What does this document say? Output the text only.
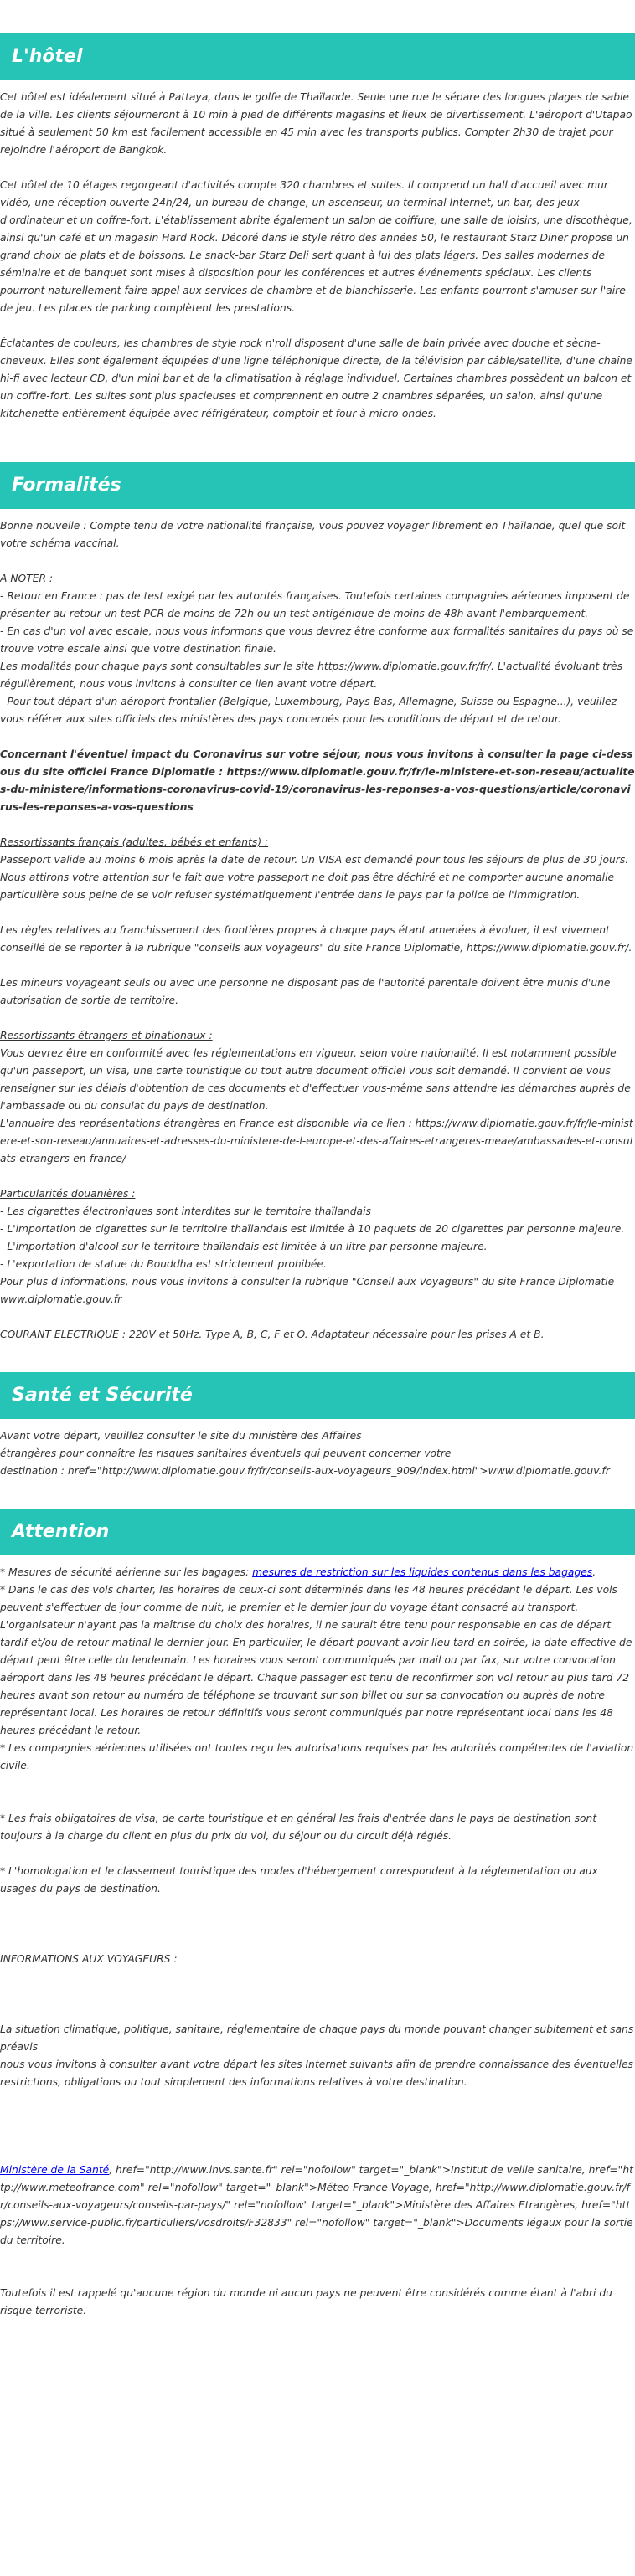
L'hôtel

Cet hôtel est idéalement situé à Pattaya, dans le golfe de Thaïlande. Seule une rue le sépare des longues plages de sable de la ville. Les clients séjourneront à 10 min à pied de différents magasins et lieux de divertissement. L'aéroport d'Utapao situé à seulement 50 km est facilement accessible en 45 min avec les transports publics. Compter 2h30 de trajet pour rejoindre l'aéroport de Bangkok.

Cet hôtel de 10 étages regorgeant d'activités compte 320 chambres et suites. Il comprend un hall d'accueil avec mur vidéo, une réception ouverte 24h/24, un bureau de change, un ascenseur, un terminal Internet, un bar, des jeux d'ordinateur et un coffre-fort. L'établissement abrite également un salon de coiffure, une salle de loisirs, une discothèque, ainsi qu'un café et un magasin Hard Rock. Décoré dans le style rétro des années 50, le restaurant Starz Diner propose un grand choix de plats et de boissons. Le snack-bar Starz Deli sert quant à lui des plats légers. Des salles modernes de séminaire et de banquet sont mises à disposition pour les conférences et autres événements spéciaux. Les clients pourront naturellement faire appel aux services de chambre et de blanchisserie. Les enfants pourront s'amuser sur l'aire de jeu. Les places de parking complètent les prestations.

Éclatantes de couleurs, les chambres de style rock n'roll disposent d'une salle de bain privée avec douche et sèche-cheveux. Elles sont également équipées d'une ligne téléphonique directe, de la télévision par câble/satellite, d'une chaîne hi-fi avec lecteur CD, d'un mini bar et de la climatisation à réglage individuel. Certaines chambres possèdent un balcon et un coffre-fort. Les suites sont plus spacieuses et comprennent en outre 2 chambres séparées, un salon, ainsi qu'une kitchenette entièrement équipée avec réfrigérateur, comptoir et four à micro-ondes.

Formalités

Bonne nouvelle : Compte tenu de votre nationalité française, vous pouvez voyager librement en Thaïlande, quel que soit votre schéma vaccinal.

A NOTER :

- Retour en France : pas de test exigé par les autorités françaises. Toutefois certaines compagnies aériennes imposent de présenter au retour un test PCR de moins de 72h ou un test antigénique de moins de 48h avant l'embarquement.

- En cas d'un vol avec escale, nous vous informons que vous devrez être conforme aux formalités sanitaires du pays où se trouve votre escale ainsi que votre destination finale.

Les modalités pour chaque pays sont consultables sur le site https://www.diplomatie.gouv.fr/fr/. L'actualité évoluant très régulièrement, nous vous invitons à consulter ce lien avant votre départ.

- Pour tout départ d'un aéroport frontalier (Belgique, Luxembourg, Pays-Bas, Allemagne, Suisse ou Espagne...), veuillez vous référer aux sites officiels des ministères des pays concernés pour les conditions de départ et de retour.

Concernant l'éventuel impact du Coronavirus sur votre séjour, nous vous invitons à consulter la page ci-dessous du site officiel France Diplomatie : https://www.diplomatie.gouv.fr/fr/le-ministere-et-son-reseau/actualites-du-ministere/informations-coronavirus-covid-19/coronavirus-les-reponses-a-vos-questions/article/coronavirus-les-reponses-a-vos-questions

Ressortissants français (adultes, bébés et enfants) :

Passeport valide au moins 6 mois après la date de retour. Un VISA est demandé pour tous les séjours de plus de 30 jours. Nous attirons votre attention sur le fait que votre passeport ne doit pas être déchiré et ne comporter aucune anomalie particulière sous peine de se voir refuser systématiquement l'entrée dans le pays par la police de l'immigration.

Les règles relatives au franchissement des frontières propres à chaque pays étant amenées à évoluer, il est vivement conseillé de se reporter à la rubrique "conseils aux voyageurs" du site France Diplomatie, https://www.diplomatie.gouv.fr/.

Les mineurs voyageant seuls ou avec une personne ne disposant pas de l'autorité parentale doivent être munis d'une autorisation de sortie de territoire.

Ressortissants étrangers et binationaux :

Vous devrez être en conformité avec les réglementations en vigueur, selon votre nationalité. Il est notamment possible qu'un passeport, un visa, une carte touristique ou tout autre document officiel vous soit demandé. Il convient de vous renseigner sur les délais d'obtention de ces documents et d'effectuer vous-même sans attendre les démarches auprès de l'ambassade ou du consulat du pays de destination.

L'annuaire des représentations étrangères en France est disponible via ce lien : https://www.diplomatie.gouv.fr/fr/le-ministere-et-son-reseau/annuaires-et-adresses-du-ministere-de-l-europe-et-des-affaires-etrangeres-meae/ambassades-et-consulats-etrangers-en-france/

Particularités douanières :

- Les cigarettes électroniques sont interdites sur le territoire thaïlandais

- L'importation de cigarettes sur le territoire thaïlandais est limitée à 10 paquets de 20 cigarettes par personne majeure.

- L'importation d'alcool sur le territoire thaïlandais est limitée à un litre par personne majeure.

- L'exportation de statue du Bouddha est strictement prohibée.

Pour plus d'informations, nous vous invitons à consulter la rubrique "Conseil aux Voyageurs" du site France Diplomatie www.diplomatie.gouv.fr

COURANT ELECTRIQUE : 220V et 50Hz. Type A, B, C, F et O. Adaptateur nécessaire pour les prises A et B.

Santé et Sécurité

Avant votre départ, veuillez consulter le site du ministère des Affaires

étrangères pour connaître les risques sanitaires éventuels qui peuvent concerner votre

destination : href="http://www.diplomatie.gouv.fr/fr/conseils-aux-voyageurs_909/index.html">www.diplomatie.gouv.fr

Attention

* Mesures de sécurité aérienne sur les bagages: mesures de restriction sur les liquides contenus dans les bagages.

* Dans le cas des vols charter, les horaires de ceux-ci sont déterminés dans les 48 heures précédant le départ. Les vols peuvent s'effectuer de jour comme de nuit, le premier et le dernier jour du voyage étant consacré au transport. L'organisateur n'ayant pas la maîtrise du choix des horaires, il ne saurait être tenu pour responsable en cas de départ tardif et/ou de retour matinal le dernier jour. En particulier, le départ pouvant avoir lieu tard en soirée, la date effective de départ peut être celle du lendemain. Les horaires vous seront communiqués par mail ou par fax, sur votre convocation aéroport dans les 48 heures précédant le départ. Chaque passager est tenu de reconfirmer son vol retour au plus tard 72 heures avant son retour au numéro de téléphone se trouvant sur son billet ou sur sa convocation ou auprès de notre représentant local. Les horaires de retour définitifs vous seront communiqués par notre représentant local dans les 48 heures précédant le retour.

* Les compagnies aériennes utilisées ont toutes reçu les autorisations requises par les autorités compétentes de l'aviation civile.

* Les frais obligatoires de visa, de carte touristique et en général les frais d'entrée dans le pays de destination sont toujours à la charge du client en plus du prix du vol, du séjour ou du circuit déjà réglés.

* L'homologation et le classement touristique des modes d'hébergement correspondent à la réglementation ou aux usages du pays de destination.

INFORMATIONS AUX VOYAGEURS :

La situation climatique, politique, sanitaire, réglementaire de chaque pays du monde pouvant changer subitement et sans préavis

nous vous invitons à consulter avant votre départ les sites Internet suivants afin de prendre connaissance des éventuelles restrictions, obligations ou tout simplement des informations relatives à votre destination.

Ministère de la Santé, href="http://www.invs.sante.fr" rel="nofollow" target="_blank">Institut de veille sanitaire, href="http://www.meteofrance.com" rel="nofollow" target="_blank">Méteo France Voyage, href="http://www.diplomatie.gouv.fr/fr/conseils-aux-voyageurs/conseils-par-pays/" rel="nofollow" target="_blank">Ministère des Affaires Etrangères, href="https://www.service-public.fr/particuliers/vosdroits/F32833" rel="nofollow" target="_blank">Documents légaux pour la sortie du territoire.

Toutefois il est rappelé qu'aucune région du monde ni aucun pays ne peuvent être considérés comme étant à l'abri du risque terroriste.
